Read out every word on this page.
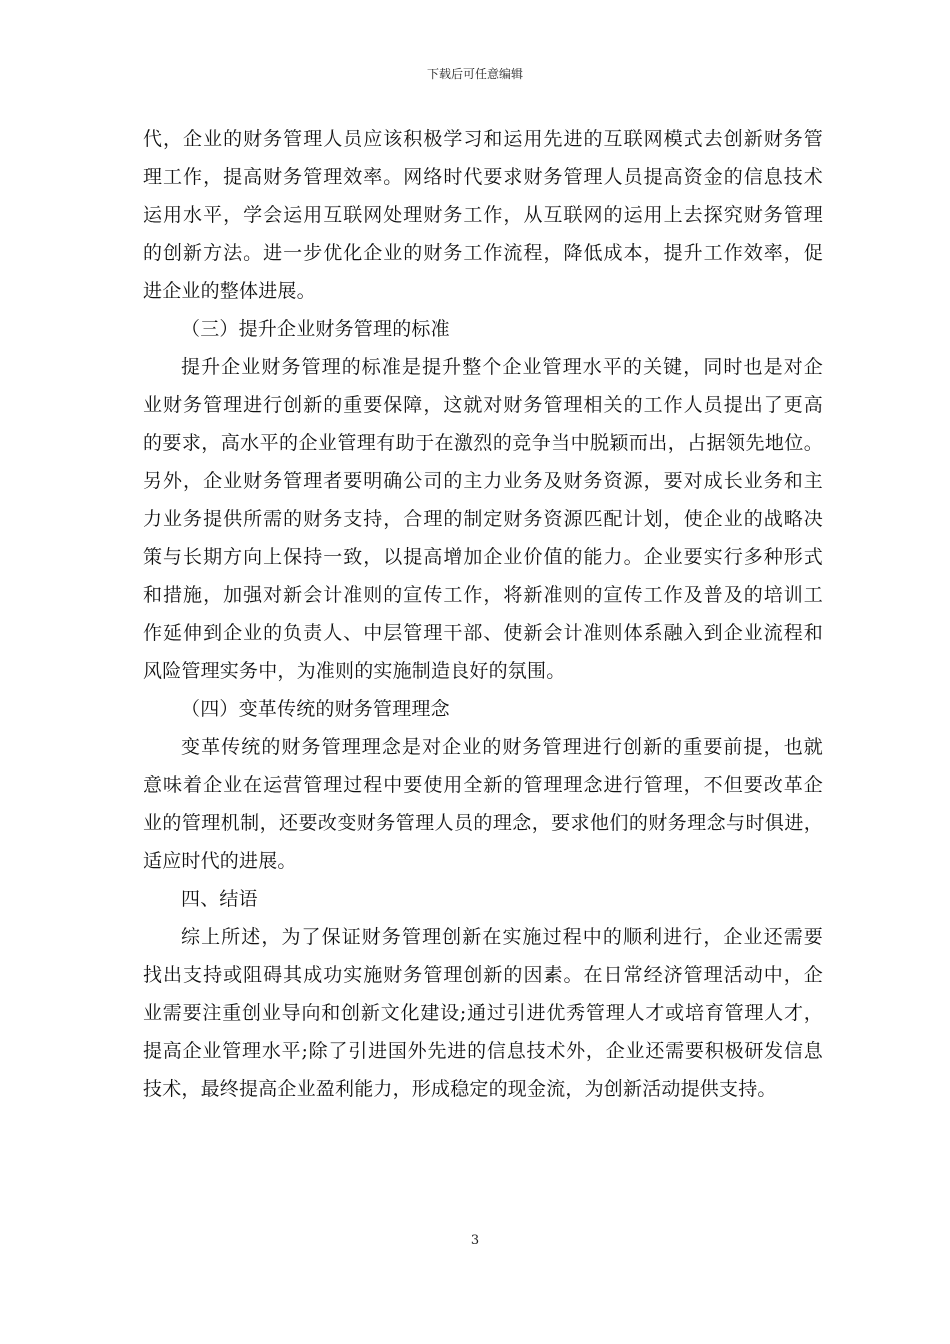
下载后可任意编辑
代，企业的财务管理人员应该积极学习和运用先进的互联网模式去创新财务管
理工作，提高财务管理效率。网络时代要求财务管理人员提高资金的信息技术
运用水平，学会运用互联网处理财务工作，从互联网的运用上去探究财务管理
的创新方法。进一步优化企业的财务工作流程，降低成本，提升工作效率，促
进企业的整体进展。
（三）提升企业财务管理的标准
提升企业财务管理的标准是提升整个企业管理水平的关键，同时也是对企
业财务管理进行创新的重要保障，这就对财务管理相关的工作人员提出了更高
的要求，高水平的企业管理有助于在激烈的竞争当中脱颖而出，占据领先地位。
另外，企业财务管理者要明确公司的主力业务及财务资源，要对成长业务和主
力业务提供所需的财务支持，合理的制定财务资源匹配计划，使企业的战略决
策与长期方向上保持一致，以提高增加企业价值的能力。企业要实行多种形式
和措施，加强对新会计准则的宣传工作，将新准则的宣传工作及普及的培训工
作延伸到企业的负责人、中层管理干部、使新会计准则体系融入到企业流程和
风险管理实务中，为准则的实施制造良好的氛围。
（四）变革传统的财务管理理念
变革传统的财务管理理念是对企业的财务管理进行创新的重要前提，也就
意味着企业在运营管理过程中要使用全新的管理理念进行管理，不但要改革企
业的管理机制，还要改变财务管理人员的理念，要求他们的财务理念与时俱进，
适应时代的进展。
四、结语
综上所述，为了保证财务管理创新在实施过程中的顺利进行，企业还需要
找出支持或阻碍其成功实施财务管理创新的因素。在日常经济管理活动中，企
业需要注重创业导向和创新文化建设;通过引进优秀管理人才或培育管理人才，
提高企业管理水平;除了引进国外先进的信息技术外，企业还需要积极研发信息
技术，最终提高企业盈利能力，形成稳定的现金流，为创新活动提供支持。
3
